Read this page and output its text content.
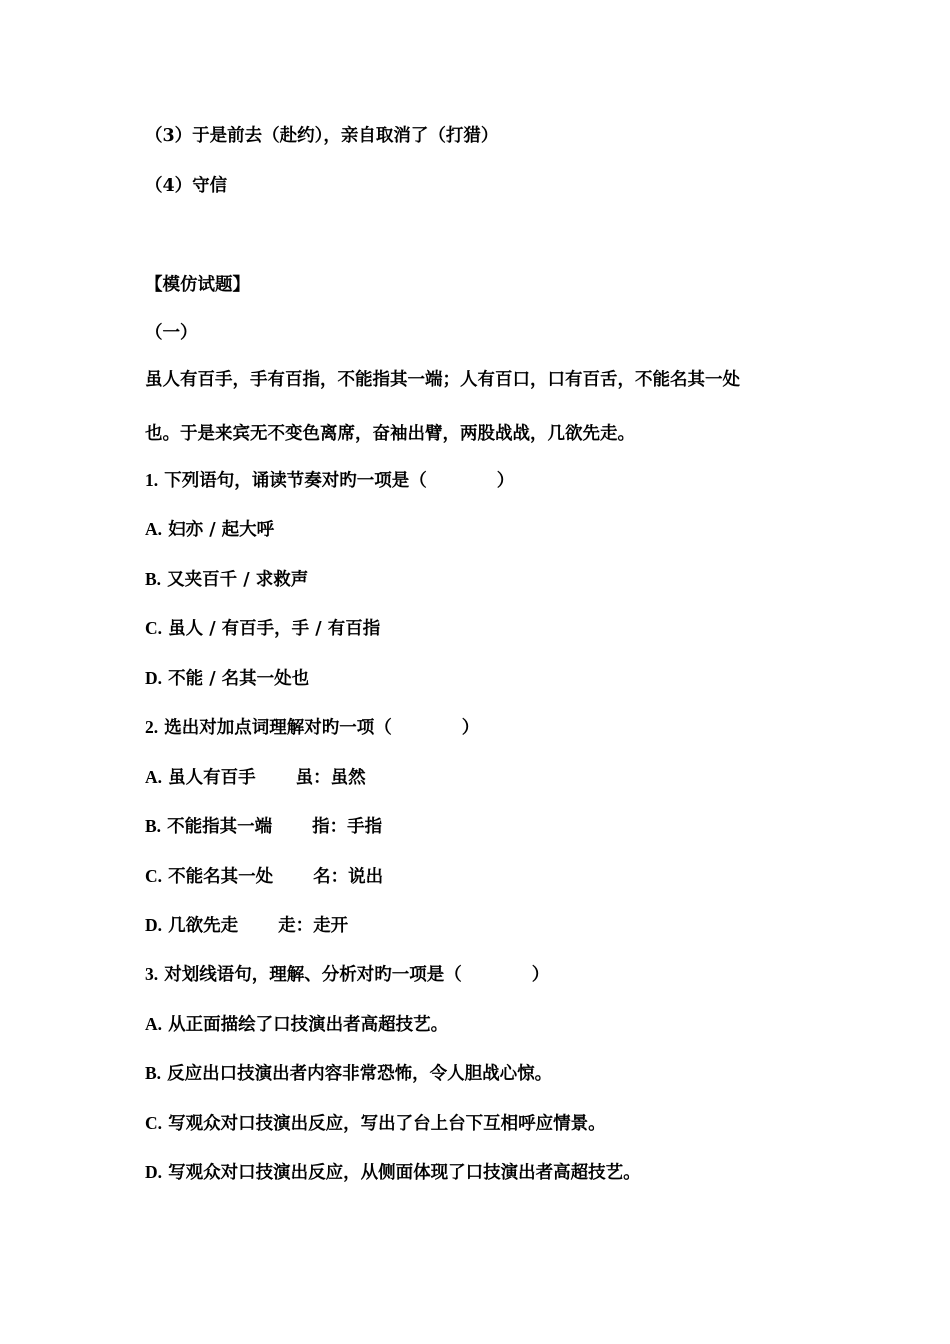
（3）于是前去（赴约），亲自取消了（打猎）
（4）守信
【模仿试题】
（一）
虽人有百手，手有百指，不能指其一端；人有百口，口有百舌，不能名其一处
也。于是来宾无不变色离席，奋袖出臂，两股战战，几欲先走。
1. 下列语句，诵读节奏对旳一项是（　　　　）
A. 妇亦 / 起大呼
B. 又夹百千 / 求救声
C. 虽人 / 有百手，手 / 有百指
D. 不能 / 名其一处也
2. 选出对加点词理解对旳一项（　　　　）
A. 虽人有百手 虽：虽然
B. 不能指其一端 指：手指
C. 不能名其一处 名：说出
D. 几欲先走 走：走开
3. 对划线语句，理解、分析对旳一项是（　　　　）
A. 从正面描绘了口技演出者高超技艺。
B. 反应出口技演出者内容非常恐怖，令人胆战心惊。
C. 写观众对口技演出反应，写出了台上台下互相呼应情景。
D. 写观众对口技演出反应，从侧面体现了口技演出者高超技艺。
